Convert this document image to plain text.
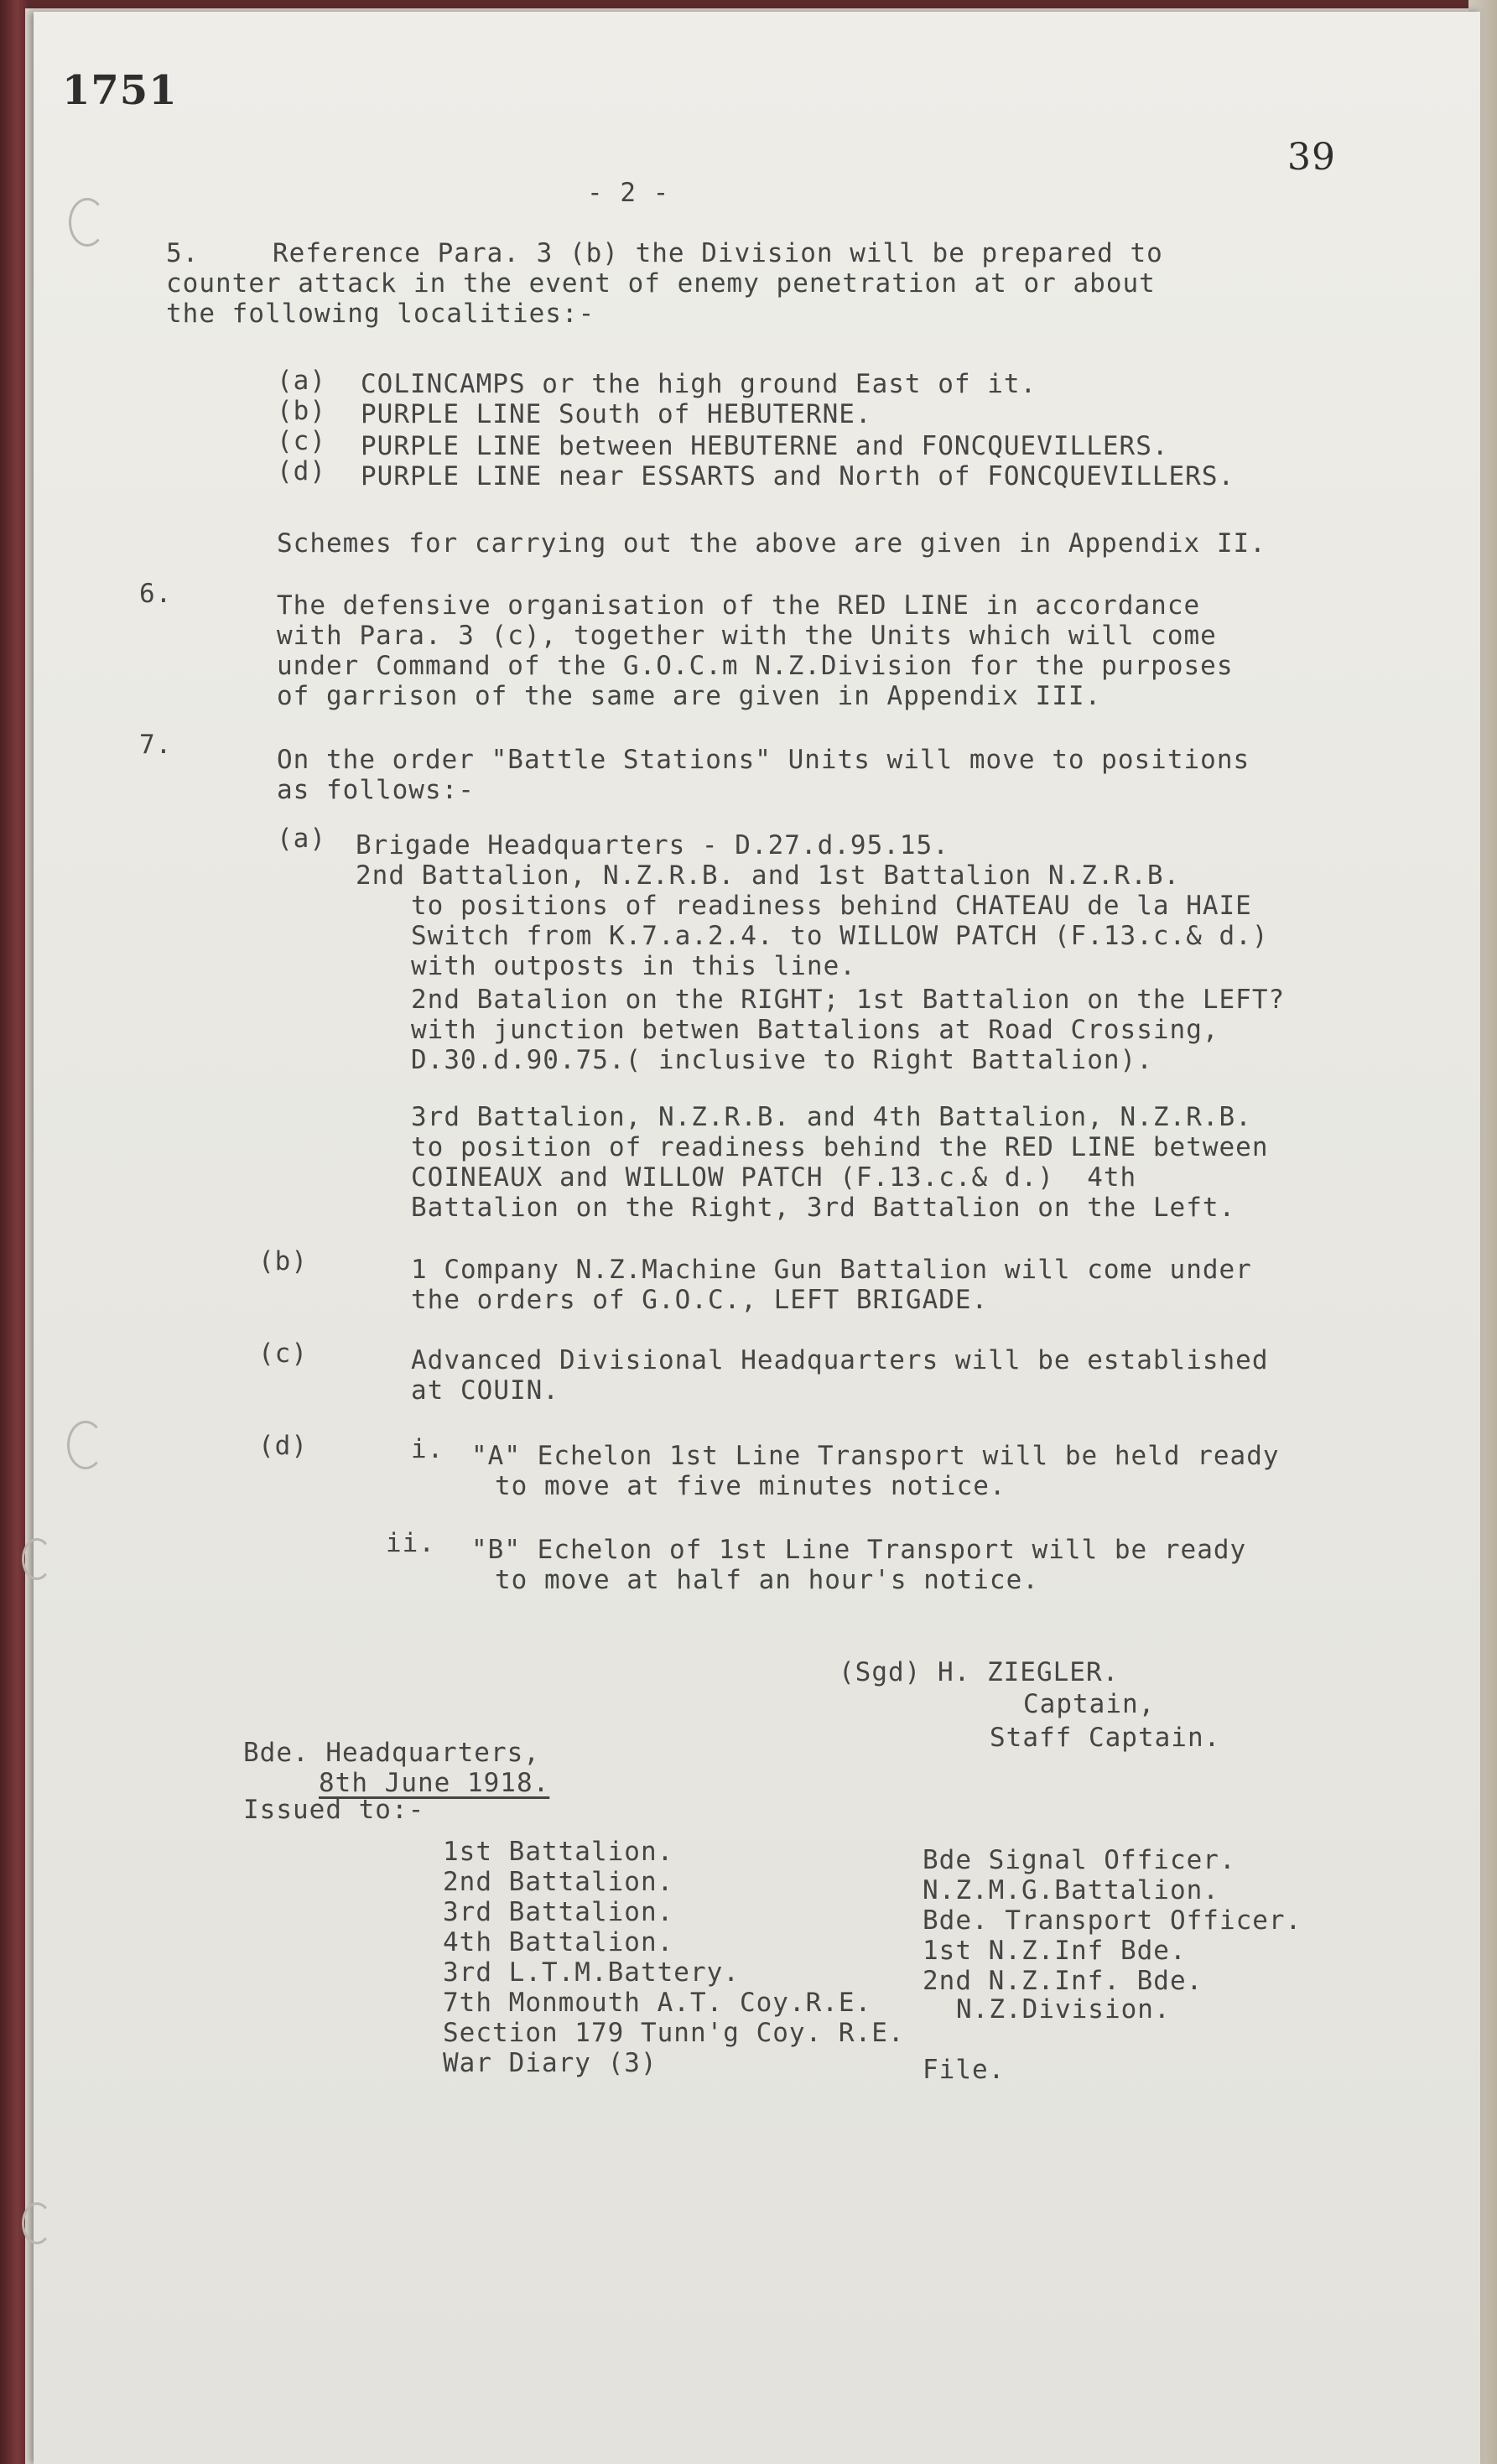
1751
39
- 2 -
5.	Reference Para. 3 (b) the Division will be prepared to
counter attack in the event of enemy penetration at or about
the following localities:-
(a) COLINCAMPS or the high ground East of it.
(b) PURPLE LINE South of HEBUTERNE.
(c) PURPLE LINE between HEBUTERNE and FONCQUEVILLERS.
(d) PURPLE LINE near ESSARTS and North of FONCQUEVILLERS.
Schemes for carrying out the above are given in Appendix II.
6.	The defensive organisation of the RED LINE in accordance
with Para. 3 (c), together with the Units which will come
under Command of the G.O.C.m N.Z.Division for the purposes
of garrison of the same are given in Appendix III.
7.	On the order "Battle Stations" Units will move to positions
as follows:-
(a) Brigade Headquarters - D.27.d.95.15.
2nd Battalion, N.Z.R.B. and 1st Battalion N.Z.R.B.
to positions of readiness behind CHATEAU de la HAIE
Switch from K.7.a.2.4. to WILLOW PATCH (F.13.c.& d.)
with outposts in this line.
2nd Batalion on the RIGHT; 1st Battalion on the LEFT?
with junction betwen Battalions at Road Crossing,
D.30.d.90.75.( inclusive to Right Battalion).
3rd Battalion, N.Z.R.B. and 4th Battalion, N.Z.R.B.
to position of readiness behind the RED LINE between
COINEAUX and WILLOW PATCH (F.13.c.& d.)  4th
Battalion on the Right, 3rd Battalion on the Left.
(b)	1 Company N.Z.Machine Gun Battalion will come under
the orders of G.O.C., LEFT BRIGADE.
(c)	Advanced Divisional Headquarters will be established
at COUIN.
(d)	i. "A" Echelon 1st Line Transport will be held ready
to move at five minutes notice.
ii. "B" Echelon of 1st Line Transport will be ready
to move at half an hour's notice.
(Sgd) H. ZIEGLER.
Captain,
Staff Captain.
Bde. Headquarters,
8th June 1918.
Issued to:-
1st Battalion.
2nd Battalion.
3rd Battalion.
4th Battalion.
3rd L.T.M.Battery.
7th Monmouth A.T. Coy.R.E.
Section 179 Tunn'g Coy. R.E.
War Diary (3)
Bde Signal Officer.
N.Z.M.G.Battalion.
Bde. Transport Officer.
1st N.Z.Inf Bde.
2nd N.Z.Inf. Bde.
N.Z.Division.
File.
